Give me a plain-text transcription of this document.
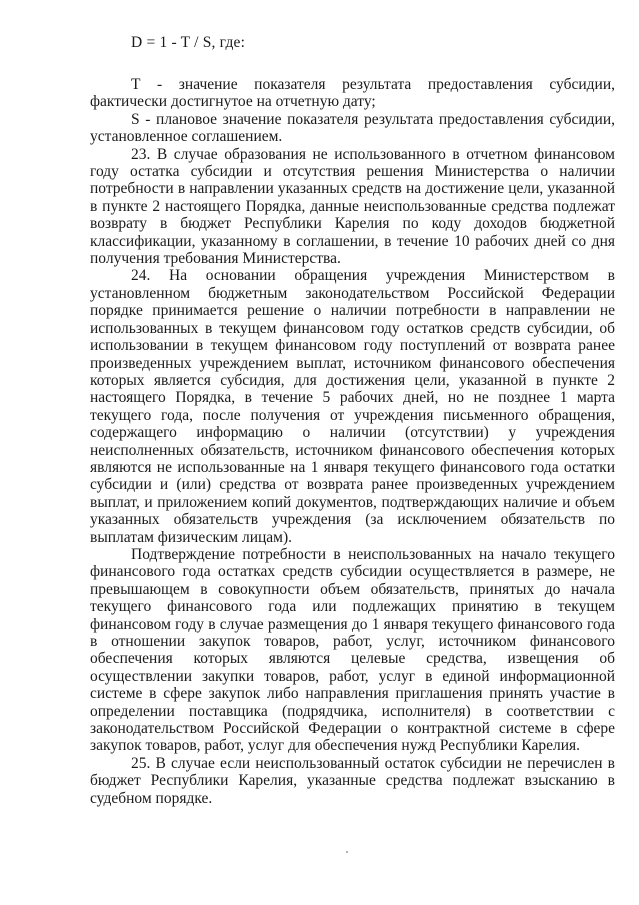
D = 1 - T / S, где:

Т - значение показателя результата предоставления субсидии, фактически достигнутое на отчетную дату;

S - плановое значение показателя результата предоставления субсидии, установленное соглашением.

23. В случае образования не использованного в отчетном финансовом году остатка субсидии и отсутствия решения Министерства о наличии потребности в направлении указанных средств на достижение цели, указанной в пункте 2 настоящего Порядка, данные неиспользованные средства подлежат возврату в бюджет Республики Карелия по коду доходов бюджетной классификации, указанному в соглашении, в течение 10 рабочих дней со дня получения требования Министерства.

24. На основании обращения учреждения Министерством в установленном бюджетным законодательством Российской Федерации порядке принимается решение о наличии потребности в направлении не использованных в текущем финансовом году остатков средств субсидии, об использовании в текущем финансовом году поступлений от возврата ранее произведенных учреждением выплат, источником финансового обеспечения которых является субсидия, для достижения цели, указанной в пункте 2 настоящего Порядка, в течение 5 рабочих дней, но не позднее 1 марта текущего года, после получения от учреждения письменного обращения, содержащего информацию о наличии (отсутствии) у учреждения неисполненных обязательств, источником финансового обеспечения которых являются не использованные на 1 января текущего финансового года остатки субсидии и (или) средства от возврата ранее произведенных учреждением выплат, и приложением копий документов, подтверждающих наличие и объем указанных обязательств учреждения (за исключением обязательств по выплатам физическим лицам).

Подтверждение потребности в неиспользованных на начало текущего финансового года остатках средств субсидии осуществляется в размере, не превышающем в совокупности объем обязательств, принятых до начала текущего финансового года или подлежащих принятию в текущем финансовом году в случае размещения до 1 января текущего финансового года в отношении закупок товаров, работ, услуг, источником финансового обеспечения которых являются целевые средства, извещения об осуществлении закупки товаров, работ, услуг в единой информационной системе в сфере закупок либо направления приглашения принять участие в определении поставщика (подрядчика, исполнителя) в соответствии с законодательством Российской Федерации о контрактной системе в сфере закупок товаров, работ, услуг для обеспечения нужд Республики Карелия.

25. В случае если неиспользованный остаток субсидии не перечислен в бюджет Республики Карелия, указанные средства подлежат взысканию в судебном порядке.
